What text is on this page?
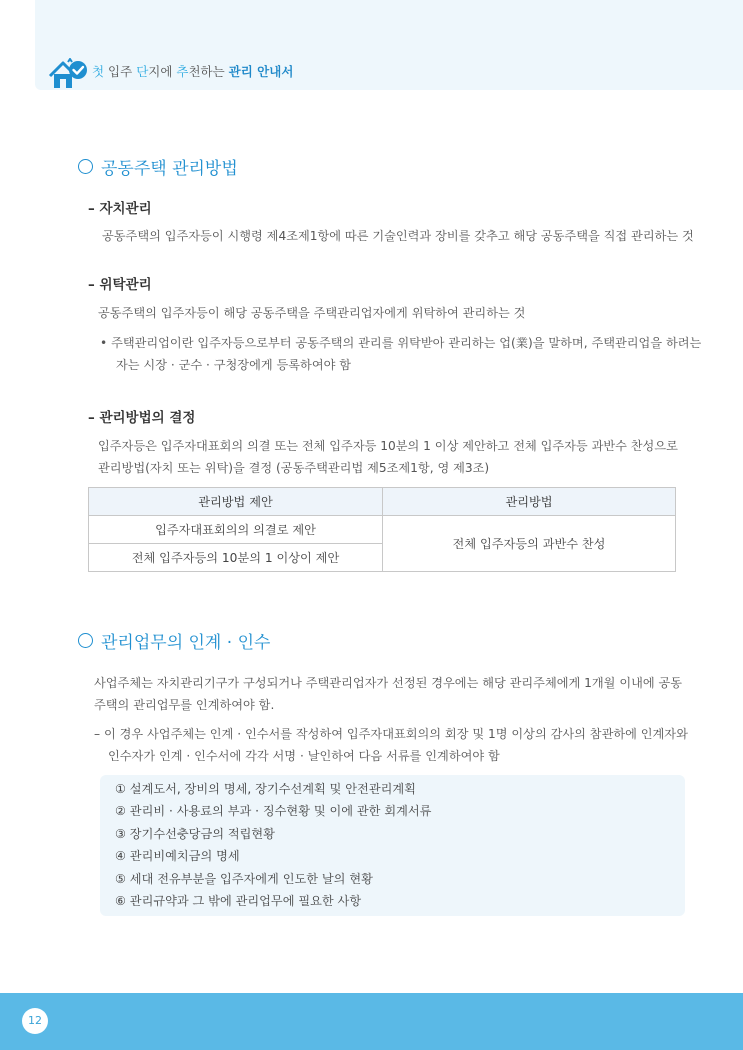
첫 입주 단지에 추천하는 관리 안내서
공동주택 관리방법
– 자치관리
공동주택의 입주자등이 시행령 제4조제1항에 따른 기술인력과 장비를 갖추고 해당 공동주택을 직접 관리하는 것
– 위탁관리
공동주택의 입주자등이 해당 공동주택을 주택관리업자에게 위탁하여 관리하는 것
• 주택관리업이란 입주자등으로부터 공동주택의 관리를 위탁받아 관리하는 업(業)을 말하며, 주택관리업을 하려는
자는 시장 · 군수 · 구청장에게 등록하여야 함
– 관리방법의 결정
입주자등은 입주자대표회의 의결 또는 전체 입주자등 10분의 1 이상 제안하고 전체 입주자등 과반수 찬성으로
관리방법(자치 또는 위탁)을 결정 (공동주택관리법 제5조제1항, 영 제3조)
관리방법 제안	관리방법
입주자대표회의의 의결로 제안	전체 입주자등의 과반수 찬성
전체 입주자등의 10분의 1 이상이 제안	
관리업무의 인계 · 인수
사업주체는 자치관리기구가 구성되거나 주택관리업자가 선정된 경우에는 해당 관리주체에게 1개월 이내에 공동
주택의 관리업무를 인계하여야 함.
– 이 경우 사업주체는 인계 · 인수서를 작성하여 입주자대표회의의 회장 및 1명 이상의 감사의 참관하에 인계자와
인수자가 인계 · 인수서에 각각 서명 · 날인하여 다음 서류를 인계하여야 함
① 설계도서, 장비의 명세, 장기수선계획 및 안전관리계획
② 관리비 · 사용료의 부과 · 징수현황 및 이에 관한 회계서류
③ 장기수선충당금의 적립현황
④ 관리비예치금의 명세
⑤ 세대 전유부분을 입주자에게 인도한 날의 현황
⑥ 관리규약과 그 밖에 관리업무에 필요한 사항
12
